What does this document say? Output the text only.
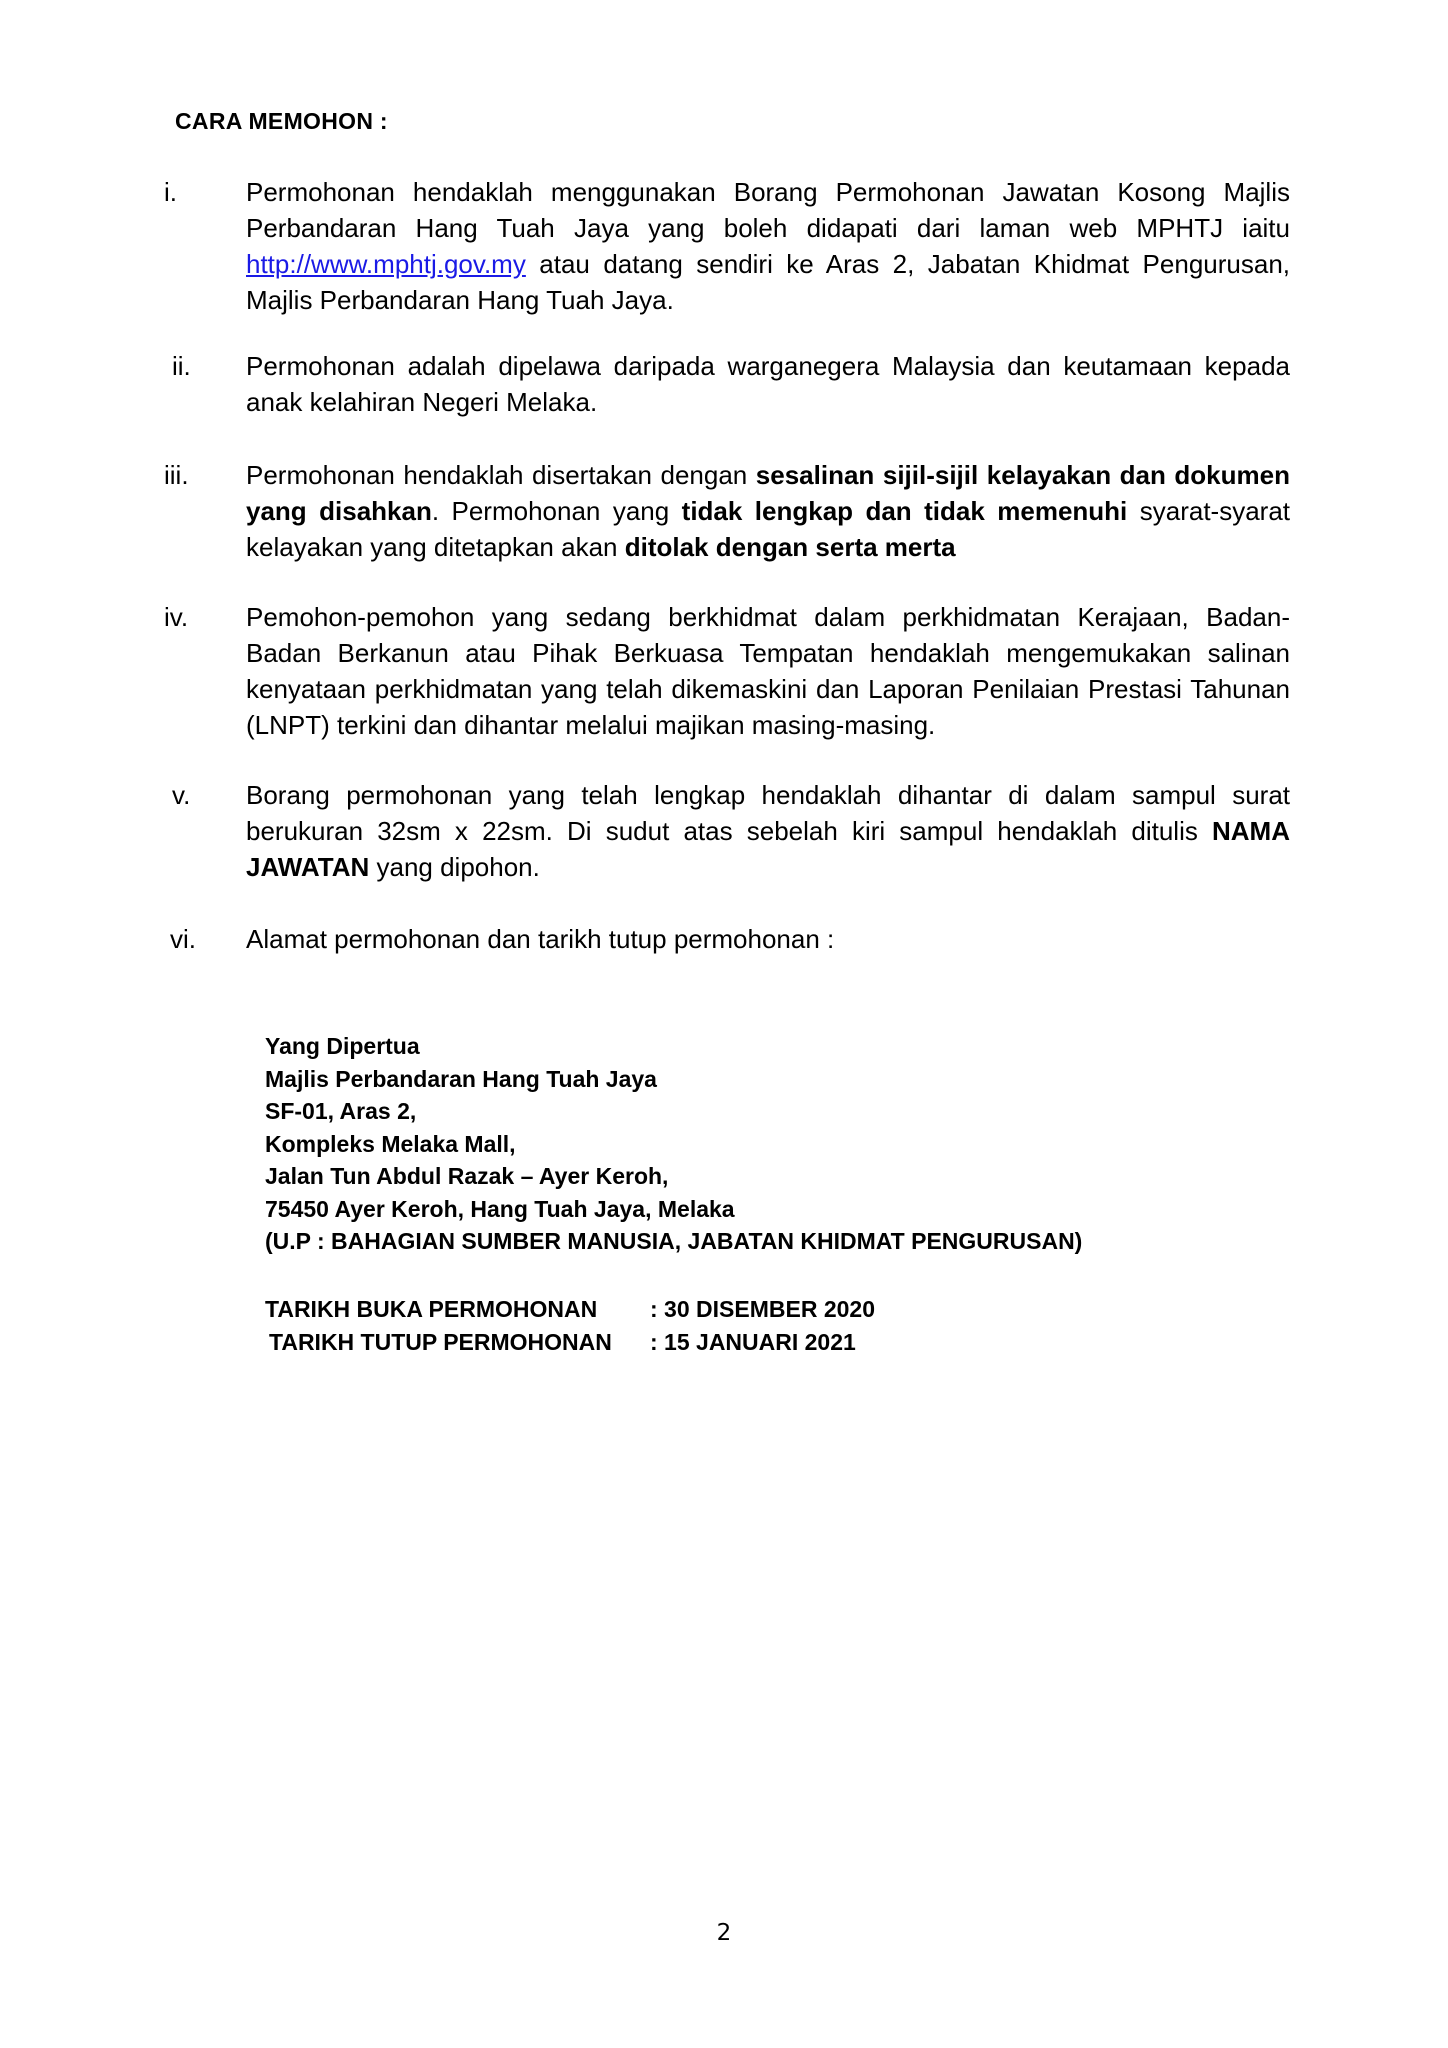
CARA MEMOHON :
i.	Permohonan hendaklah menggunakan Borang Permohonan Jawatan Kosong Majlis Perbandaran Hang Tuah Jaya yang boleh didapati dari laman web MPHTJ iaitu http://www.mphtj.gov.my atau datang sendiri ke Aras 2, Jabatan Khidmat Pengurusan, Majlis Perbandaran Hang Tuah Jaya.
ii. Permohonan adalah dipelawa daripada warganegera Malaysia dan keutamaan kepada anak kelahiran Negeri Melaka.
iii. Permohonan hendaklah disertakan dengan sesalinan sijil-sijil kelayakan dan dokumen yang disahkan. Permohonan yang tidak lengkap dan tidak memenuhi syarat-syarat kelayakan yang ditetapkan akan ditolak dengan serta merta
iv. Pemohon-pemohon yang sedang berkhidmat dalam perkhidmatan Kerajaan, Badan-Badan Berkanun atau Pihak Berkuasa Tempatan hendaklah mengemukakan salinan kenyataan perkhidmatan yang telah dikemaskini dan Laporan Penilaian Prestasi Tahunan (LNPT) terkini dan dihantar melalui majikan masing-masing.
v. Borang permohonan yang telah lengkap hendaklah dihantar di dalam sampul surat berukuran 32sm x 22sm. Di sudut atas sebelah kiri sampul hendaklah ditulis NAMA JAWATAN yang dipohon.
vi. Alamat permohonan dan tarikh tutup permohonan :
Yang Dipertua
Majlis Perbandaran Hang Tuah Jaya
SF-01, Aras 2,
Kompleks Melaka Mall,
Jalan Tun Abdul Razak – Ayer Keroh,
75450 Ayer Keroh, Hang Tuah Jaya, Melaka
(U.P : BAHAGIAN SUMBER MANUSIA, JABATAN KHIDMAT PENGURUSAN)
TARIKH BUKA PERMOHONAN : 30 DISEMBER 2020
TARIKH TUTUP PERMOHONAN : 15 JANUARI 2021
2
